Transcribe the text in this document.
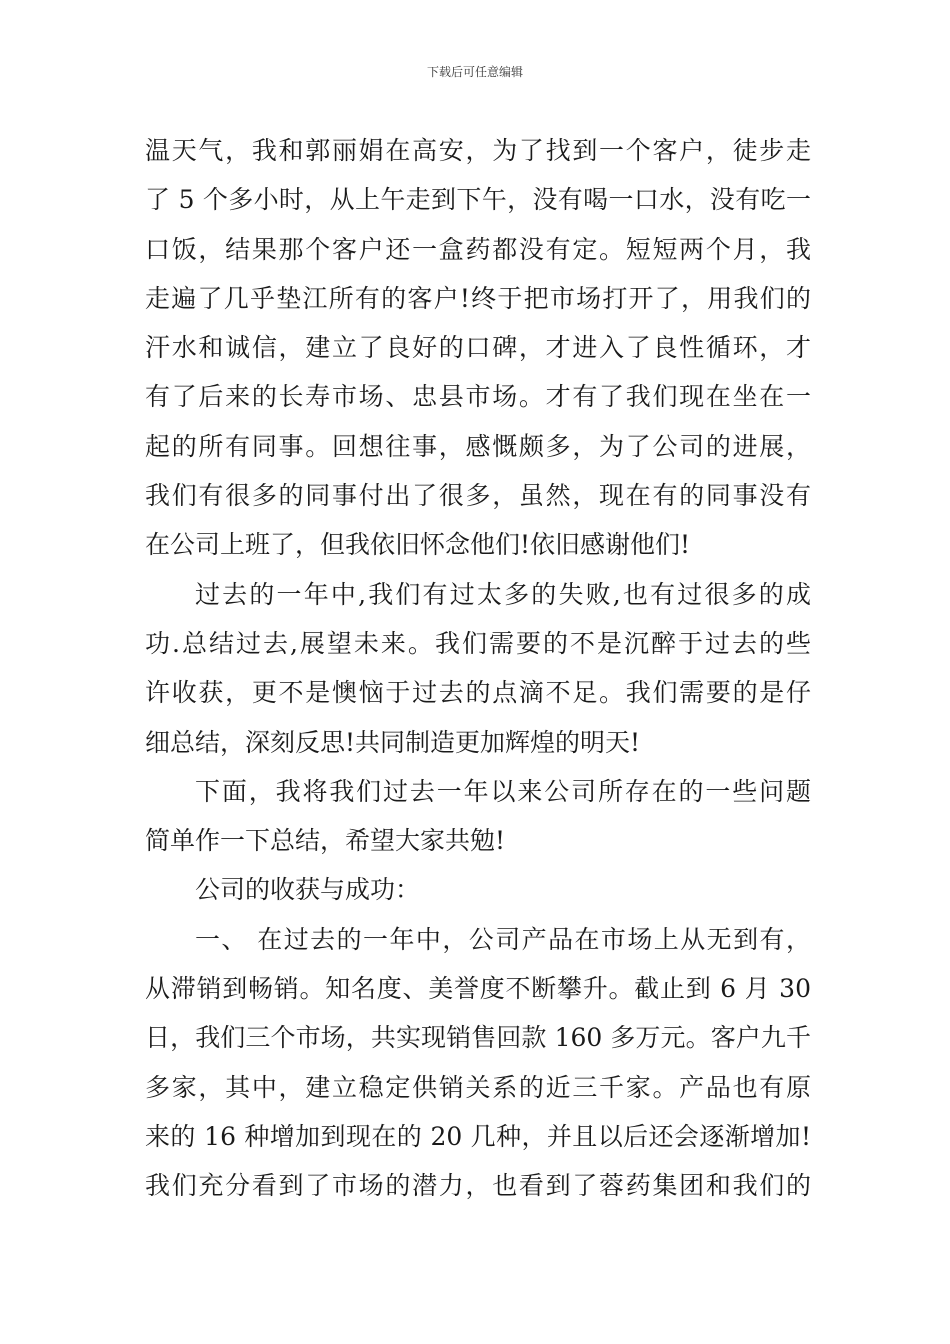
下载后可任意编辑
温天气，我和郭丽娟在高安，为了找到一个客户，徒步走
了 5 个多小时，从上午走到下午，没有喝一口水，没有吃一
口饭，结果那个客户还一盒药都没有定。短短两个月，我
走遍了几乎垫江所有的客户!终于把市场打开了，用我们的
汗水和诚信，建立了良好的口碑，才进入了良性循环，才
有了后来的长寿市场、忠县市场。才有了我们现在坐在一
起的所有同事。回想往事，感慨颇多，为了公司的进展，
我们有很多的同事付出了很多，虽然，现在有的同事没有
在公司上班了，但我依旧怀念他们!依旧感谢他们!
过去的一年中,我们有过太多的失败,也有过很多的成
功.总结过去,展望未来。我们需要的不是沉醉于过去的些
许收获，更不是懊恼于过去的点滴不足。我们需要的是仔
细总结，深刻反思!共同制造更加辉煌的明天!
下面，我将我们过去一年以来公司所存在的一些问题
简单作一下总结，希望大家共勉!
公司的收获与成功：
一、 在过去的一年中，公司产品在市场上从无到有，
从滞销到畅销。知名度、美誉度不断攀升。截止到 6 月 30
日，我们三个市场，共实现销售回款 160 多万元。客户九千
多家，其中，建立稳定供销关系的近三千家。产品也有原
来的 16 种增加到现在的 20 几种，并且以后还会逐渐增加!
我们充分看到了市场的潜力，也看到了蓉药集团和我们的
